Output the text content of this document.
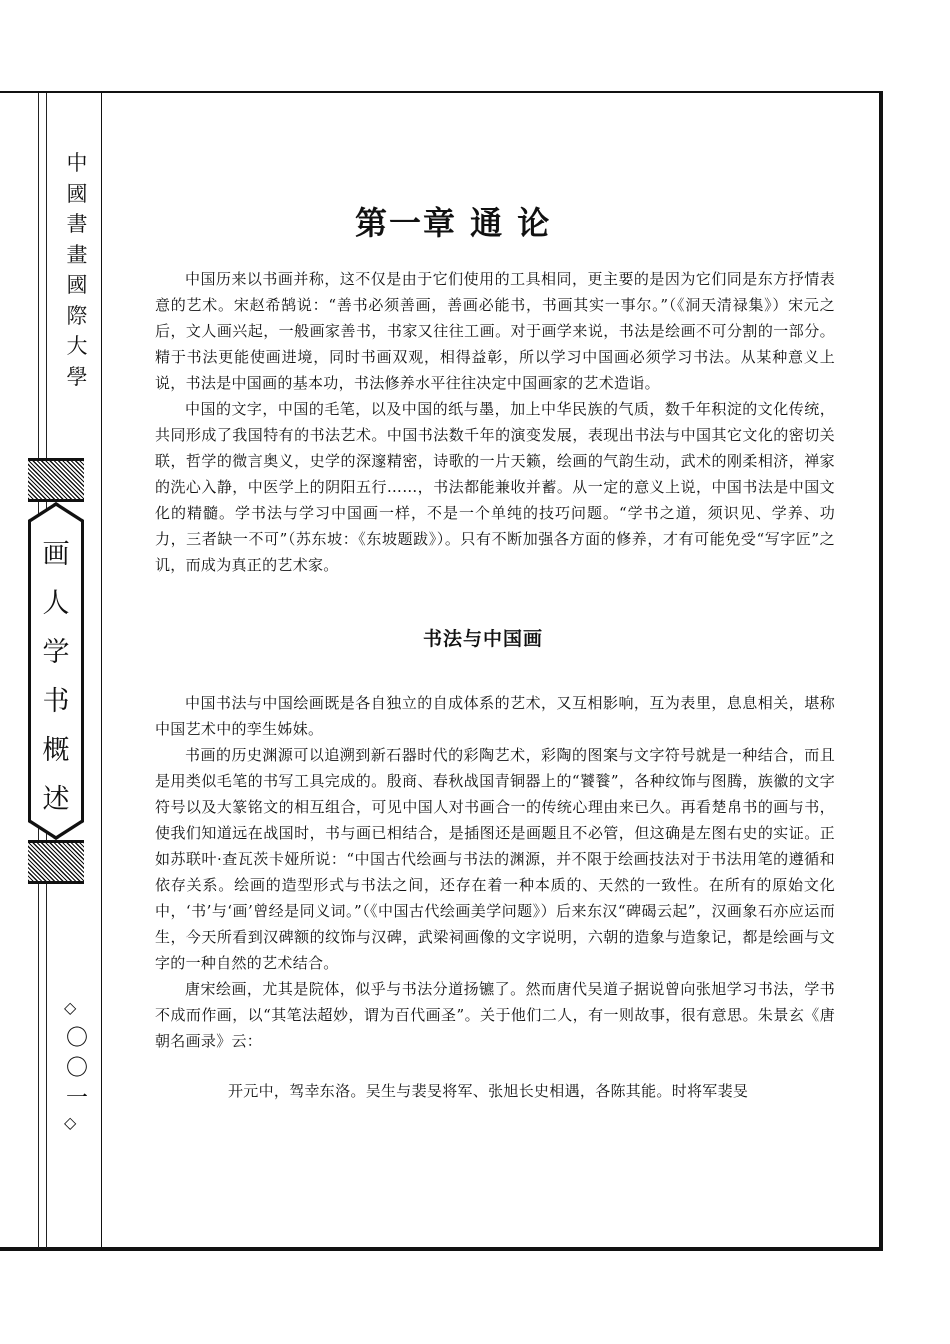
中國書畫國際大學
画人学书概述
◇
〇〇一
◇
第一章 通 论

中国历来以书画并称，这不仅是由于它们使用的工具相同，更主要的是因为它们同是东方抒情表意的艺术。宋赵希鹄说：“善书必须善画，善画必能书，书画其实一事尔。”（《洞天清禄集》）宋元之后，文人画兴起，一般画家善书，书家又往往工画。对于画学来说，书法是绘画不可分割的一部分。精于书法更能使画进境，同时书画双观，相得益彰，所以学习中国画必须学习书法。从某种意义上说，书法是中国画的基本功，书法修养水平往往决定中国画家的艺术造诣。

中国的文字，中国的毛笔，以及中国的纸与墨，加上中华民族的气质，数千年积淀的文化传统，共同形成了我国特有的书法艺术。中国书法数千年的演变发展，表现出书法与中国其它文化的密切关联，哲学的微言奥义，史学的深邃精密，诗歌的一片天籁，绘画的气韵生动，武术的刚柔相济，禅家的洗心入静，中医学上的阴阳五行……，书法都能兼收并蓄。从一定的意义上说，中国书法是中国文化的精髓。学书法与学习中国画一样，不是一个单纯的技巧问题。“学书之道，须识见、学养、功力，三者缺一不可”（苏东坡：《东坡题跋》）。只有不断加强各方面的修养，才有可能免受“写字匠”之讥，而成为真正的艺术家。

书法与中国画

中国书法与中国绘画既是各自独立的自成体系的艺术，又互相影响，互为表里，息息相关，堪称中国艺术中的孪生姊妹。

书画的历史渊源可以追溯到新石器时代的彩陶艺术，彩陶的图案与文字符号就是一种结合，而且是用类似毛笔的书写工具完成的。殷商、春秋战国青铜器上的“饕餮”，各种纹饰与图腾，族徽的文字符号以及大篆铭文的相互组合，可见中国人对书画合一的传统心理由来已久。再看楚帛书的画与书，使我们知道远在战国时，书与画已相结合，是插图还是画题且不必管，但这确是左图右史的实证。正如苏联叶·查瓦茨卡娅所说：“中国古代绘画与书法的渊源，并不限于绘画技法对于书法用笔的遵循和依存关系。绘画的造型形式与书法之间，还存在着一种本质的、天然的一致性。在所有的原始文化中，‘书’与‘画’曾经是同义词。”（《中国古代绘画美学问题》）后来东汉“碑碣云起”，汉画象石亦应运而生，今天所看到汉碑额的纹饰与汉碑，武梁祠画像的文字说明，六朝的造象与造象记，都是绘画与文字的一种自然的艺术结合。

唐宋绘画，尤其是院体，似乎与书法分道扬镳了。然而唐代吴道子据说曾向张旭学习书法，学书不成而作画，以“其笔法超妙，谓为百代画圣”。关于他们二人，有一则故事，很有意思。朱景玄《唐朝名画录》云：

开元中，驾幸东洛。吴生与裴旻将军、张旭长史相遇，各陈其能。时将军裴旻
